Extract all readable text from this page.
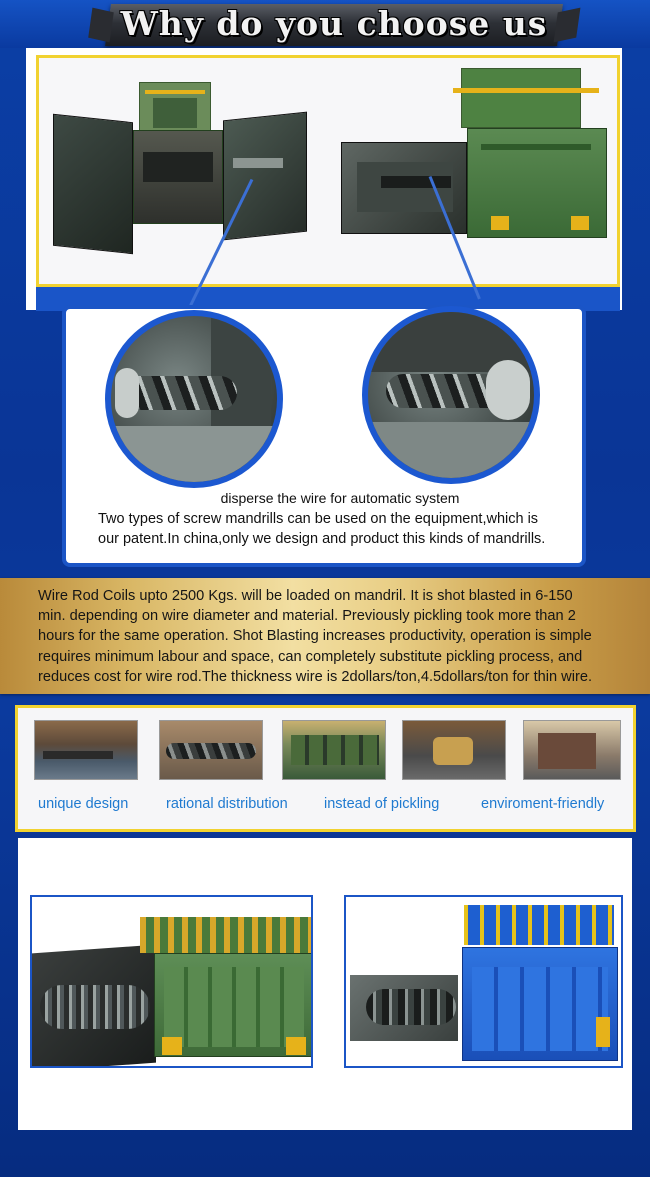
Why do you choose us
disperse the wire for automatic system
Two types of screw mandrills can be used on the equipment,which is
our patent.In china,only we design and product this kinds of mandrills.
Wire Rod Coils upto 2500 Kgs. will be loaded on mandril. It is shot blasted in 6-150
min. depending on wire diameter and material. Previously pickling took more than 2
hours for the same operation. Shot Blasting increases productivity, operation is simple
requires minimum labour and space, can completely substitute pickling process, and
reduces cost for wire rod.The thickness wire is 2dollars/ton,4.5dollars/ton for thin wire.
unique design	rational distribution	instead of pickling	enviroment-friendly
